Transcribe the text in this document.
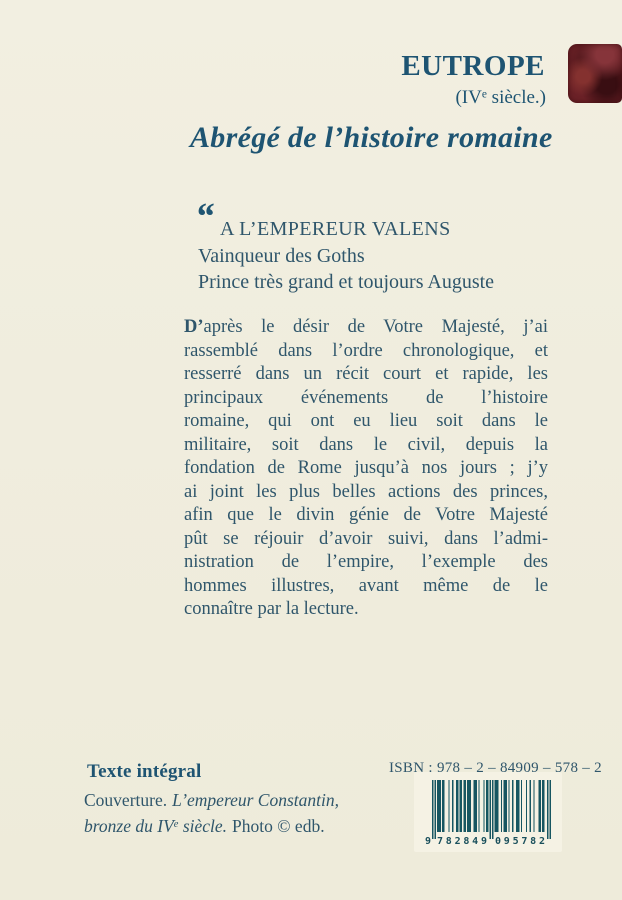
EUTROPE
(IVe siècle.)
Abrégé de l’histoire romaine
“ A L’EMPEREUR VALENS
Vainqueur des Goths
Prince très grand et toujours Auguste
D’après le désir de Votre Majesté, j’ai
rassemblé dans l’ordre chronologique, et
resserré dans un récit court et rapide, les
principaux événements de l’histoire
romaine, qui ont eu lieu soit dans le
militaire, soit dans le civil, depuis la
fondation de Rome jusqu’à nos jours ; j’y
ai joint les plus belles actions des princes,
afin que le divin génie de Votre Majesté
pût se réjouir d’avoir suivi, dans l’admi-
nistration de l’empire, l’exemple des
hommes illustres, avant même de le
connaître par la lecture.
Texte intégral
Couverture. L’empereur Constantin,
bronze du IVe siècle. Photo © edb.
ISBN : 978 – 2 – 84909 – 578 – 2
9 782849 095782
